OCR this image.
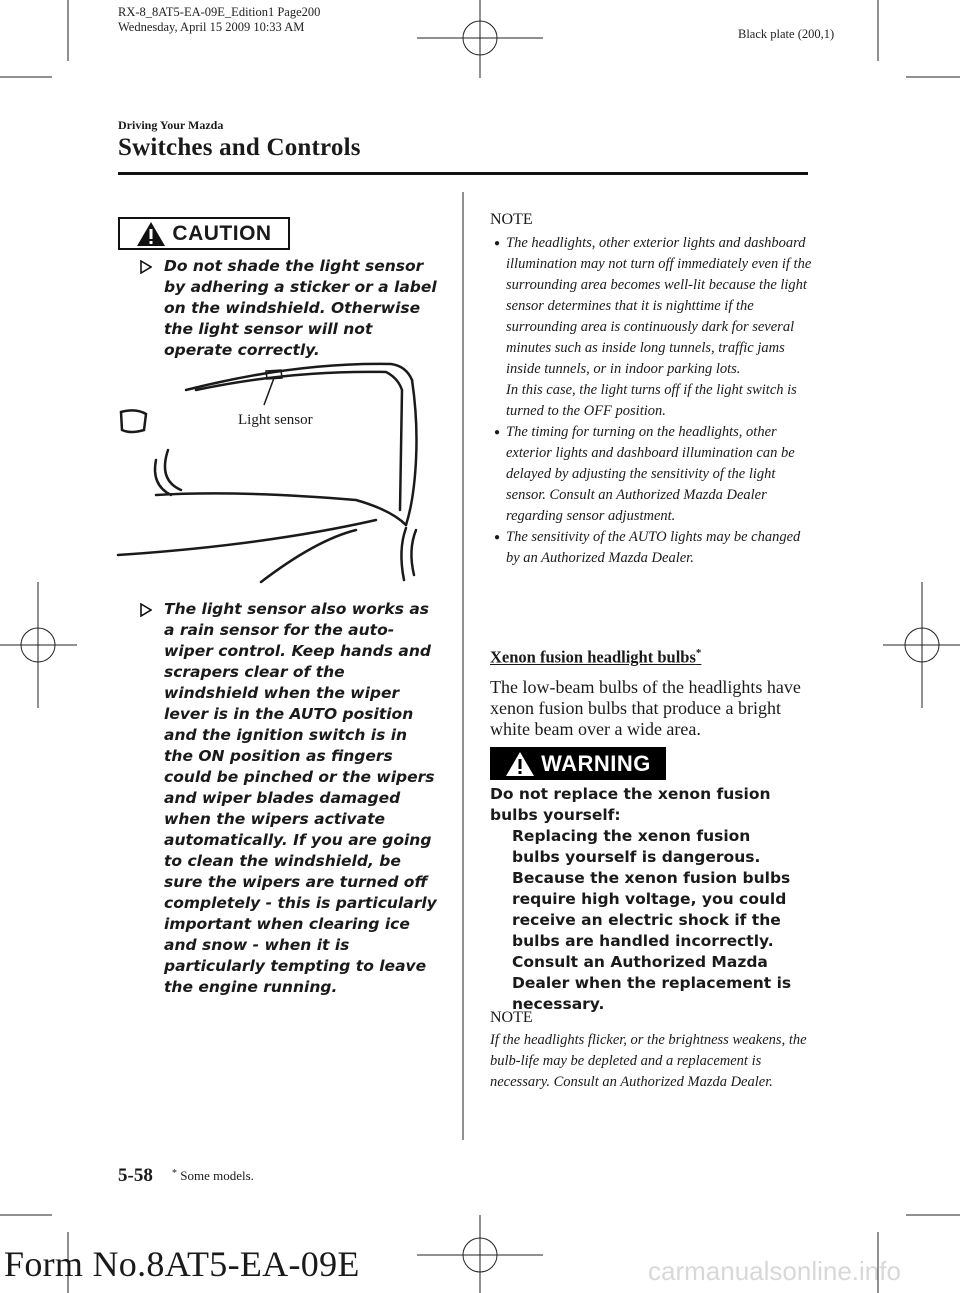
RX-8_8AT5-EA-09E_Edition1 Page200
Wednesday, April 15 2009 10:33 AM	Black plate (200,1)
Driving Your Mazda
Switches and Controls
CAUTION
Do not shade the light sensor by adhering a sticker or a label on the windshield. Otherwise the light sensor will not operate correctly.
Light sensor
The light sensor also works as a rain sensor for the auto-wiper control. Keep hands and scrapers clear of the windshield when the wiper lever is in the AUTO position and the ignition switch is in the ON position as fingers could be pinched or the wipers and wiper blades damaged when the wipers activate automatically. If you are going to clean the windshield, be sure the wipers are turned off completely - this is particularly important when clearing ice and snow - when it is particularly tempting to leave the engine running.
NOTE
● The headlights, other exterior lights and dashboard illumination may not turn off immediately even if the surrounding area becomes well-lit because the light sensor determines that it is nighttime if the surrounding area is continuously dark for several minutes such as inside long tunnels, traffic jams inside tunnels, or in indoor parking lots.
In this case, the light turns off if the light switch is turned to the OFF position.
● The timing for turning on the headlights, other exterior lights and dashboard illumination can be delayed by adjusting the sensitivity of the light sensor. Consult an Authorized Mazda Dealer regarding sensor adjustment.
● The sensitivity of the AUTO lights may be changed by an Authorized Mazda Dealer.
Xenon fusion headlight bulbs*
The low-beam bulbs of the headlights have xenon fusion bulbs that produce a bright white beam over a wide area.
WARNING
Do not replace the xenon fusion bulbs yourself:
Replacing the xenon fusion bulbs yourself is dangerous. Because the xenon fusion bulbs require high voltage, you could receive an electric shock if the bulbs are handled incorrectly. Consult an Authorized Mazda Dealer when the replacement is necessary.
NOTE
If the headlights flicker, or the brightness weakens, the bulb-life may be depleted and a replacement is necessary. Consult an Authorized Mazda Dealer.
5-58 * Some models.
Form No.8AT5-EA-09E	carmanualsonline.info
